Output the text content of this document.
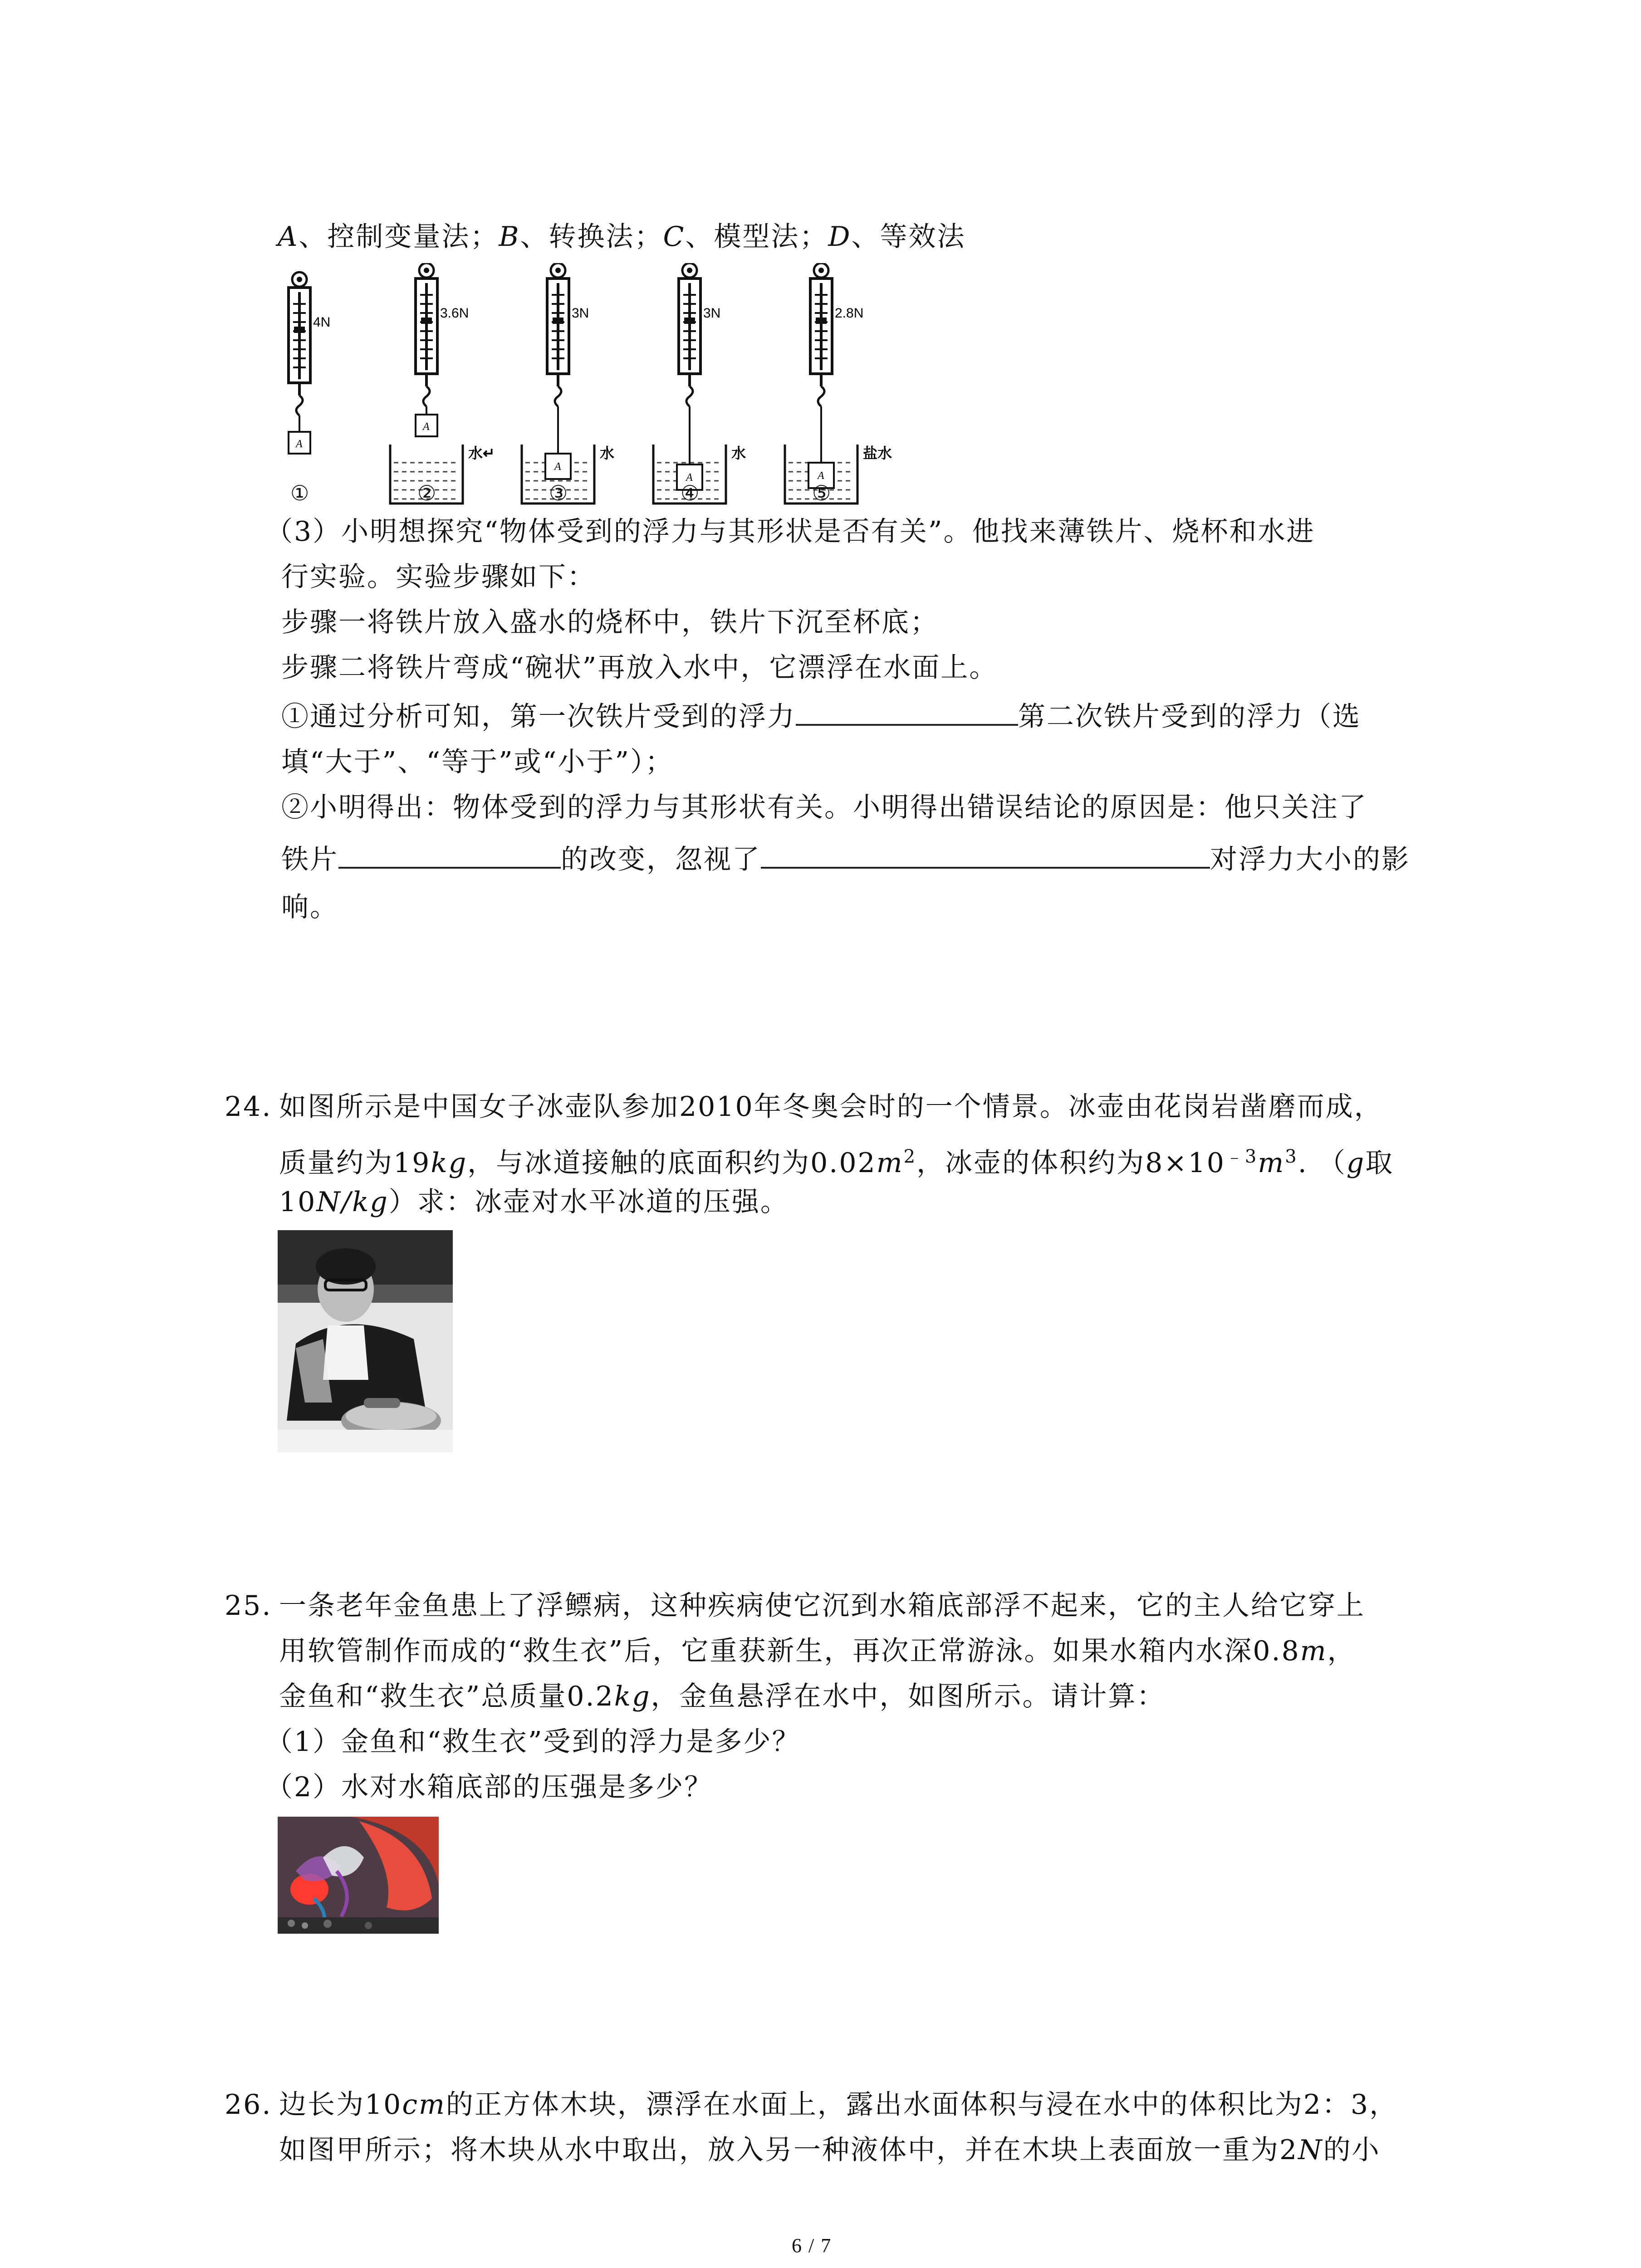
A、控制变量法；B、转换法；C、模型法；D、等效法
4N
A
3.6N
A
水↵
3N
A
水
3N
A
水
2.8N
A
盐水
①	②	③	④	⑤
（3）小明想探究“物体受到的浮力与其形状是否有关”。他找来薄铁片、烧杯和水进
行实验。实验步骤如下：
步骤一将铁片放入盛水的烧杯中，铁片下沉至杯底；
步骤二将铁片弯成“碗状”再放入水中，它漂浮在水面上。
①通过分析可知，第一次铁片受到的浮力	第二次铁片受到的浮力（选
填“大于”、“等于”或“小于”）；
②小明得出：物体受到的浮力与其形状有关。小明得出错误结论的原因是：他只关注了
铁片	的改变，忽视了	对浮力大小的影
响。
24. 如图所示是中国女子冰壶队参加2010年冬奥会时的一个情景。冰壶由花岗岩凿磨而成，
质量约为19kg，与冰道接触的底面积约为$0.02m^2$，冰壶的体积约为$8\times 10^{﹣3}m^3$. （g取
10N/kg）求：冰壶对水平冰道的压强。
25. 一条老年金鱼患上了浮鳔病，这种疾病使它沉到水箱底部浮不起来，它的主人给它穿上
用软管制作而成的“救生衣”后，它重获新生，再次正常游泳。如果水箱内水深0.8m，
金鱼和“救生衣”总质量0.2kg，金鱼悬浮在水中，如图所示。请计算：
（1）金鱼和“救生衣”受到的浮力是多少？
（2）水对水箱底部的压强是多少？
26. 边长为10cm的正方体木块，漂浮在水面上，露出水面体积与浸在水中的体积比为2：3，
如图甲所示；将木块从水中取出，放入另一种液体中，并在木块上表面放一重为2N的小
6 / 7
